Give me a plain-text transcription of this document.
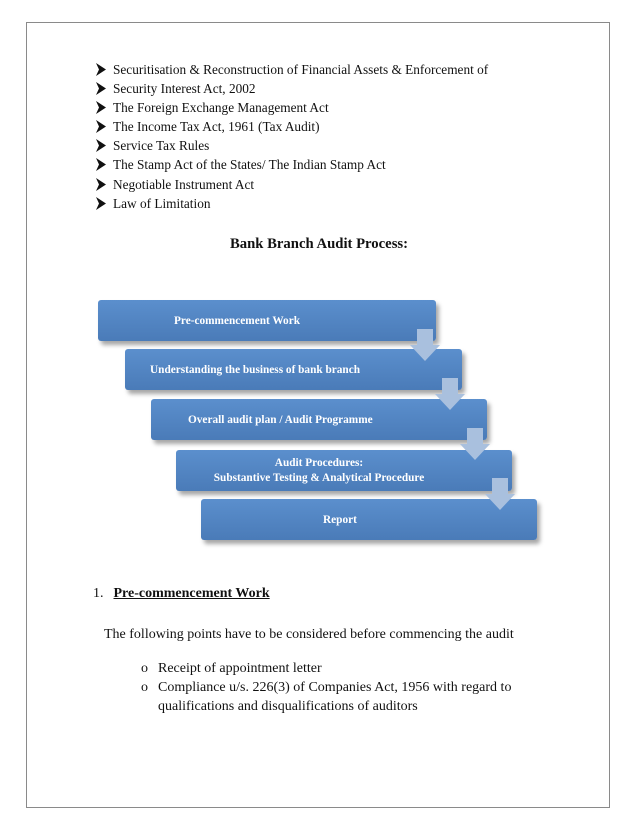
Securitisation & Reconstruction of Financial Assets & Enforcement of
Security Interest Act, 2002
The Foreign Exchange Management Act
The Income Tax Act, 1961 (Tax Audit)
Service Tax Rules
The Stamp Act of the States/ The Indian Stamp Act
Negotiable Instrument Act
Law of Limitation
Bank Branch Audit Process:
Pre-commencement Work
Understanding the business of bank branch
Overall audit plan / Audit Programme
Audit Procedures:
Substantive Testing & Analytical Procedure
Report
1. Pre-commencement Work
The following points have to be considered before commencing the audit
o Receipt of appointment letter
o Compliance u/s. 226(3) of Companies Act, 1956 with regard to qualifications and disqualifications of auditors
